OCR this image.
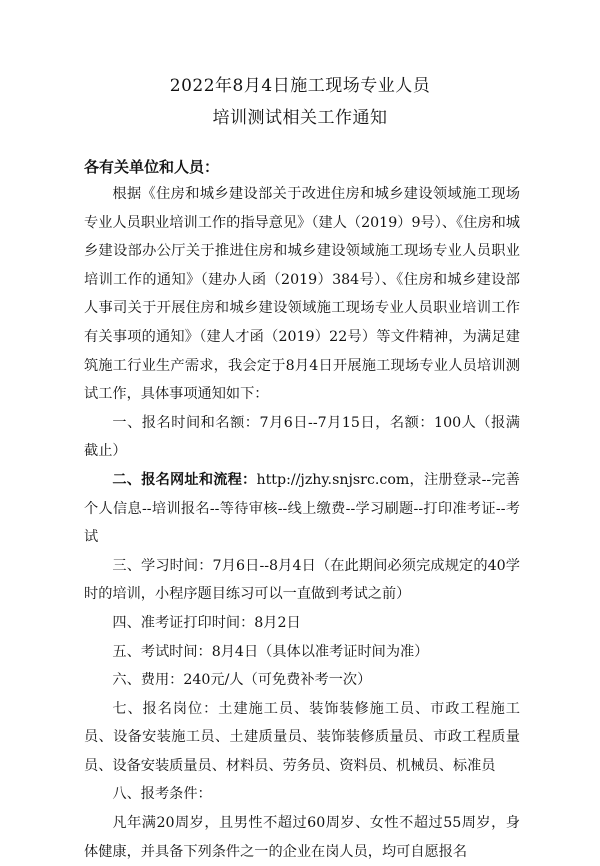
2022年8月4日施工现场专业人员
培训测试相关工作通知
各有关单位和人员：

根据《住房和城乡建设部关于改进住房和城乡建设领域施工现场专业人员职业培训工作的指导意见》（建人（2019）9号）、《住房和城乡建设部办公厅关于推进住房和城乡建设领域施工现场专业人员职业培训工作的通知》（建办人函（2019）384号）、《住房和城乡建设部人事司关于开展住房和城乡建设领域施工现场专业人员职业培训工作有关事项的通知》（建人才函（2019）22号）等文件精神，为满足建筑施工行业生产需求，我会定于8月4日开展施工现场专业人员培训测试工作，具体事项通知如下：

一、报名时间和名额：7月6日--7月15日，名额：100人（报满截止）

二、报名网址和流程：http://jzhy.snjsrc.com，注册登录--完善个人信息--培训报名--等待审核--线上缴费--学习刷题--打印准考证--考试

三、学习时间：7月6日--8月4日（在此期间必须完成规定的40学时的培训，小程序题目练习可以一直做到考试之前）

四、准考证打印时间：8月2日

五、考试时间：8月4日（具体以准考证时间为准）

六、费用：240元/人（可免费补考一次）

七、报名岗位：土建施工员、装饰装修施工员、市政工程施工员、设备安装施工员、土建质量员、装饰装修质量员、市政工程质量员、设备安装质量员、材料员、劳务员、资料员、机械员、标准员

八、报考条件：

凡年满20周岁，且男性不超过60周岁、女性不超过55周岁，身体健康，并具备下列条件之一的企业在岗人员，均可自愿报名
